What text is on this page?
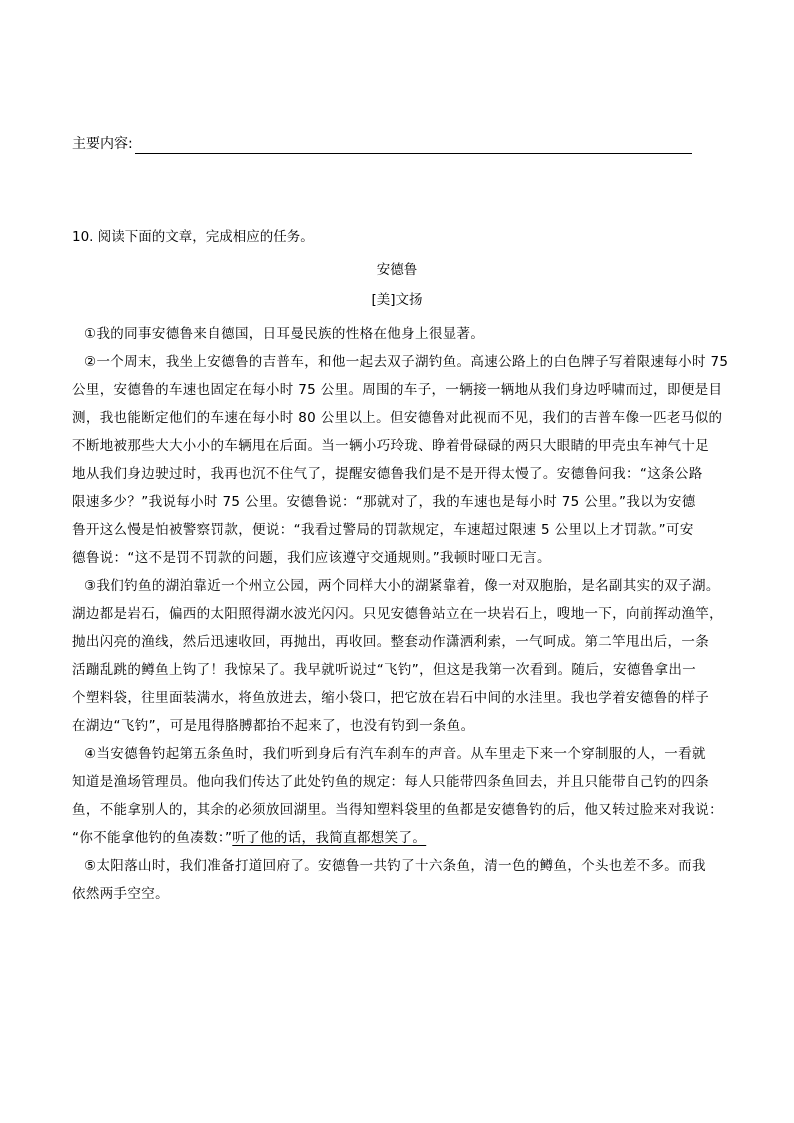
主要内容:
10. 阅读下面的文章，完成相应的任务。
安德鲁
[美]文扬
①我的同事安德鲁来自德国，日耳曼民族的性格在他身上很显著。
②一个周末，我坐上安德鲁的吉普车，和他一起去双子湖钓鱼。高速公路上的白色牌子写着限速每小时 75
公里，安德鲁的车速也固定在每小时 75 公里。周围的车子，一辆接一辆地从我们身边呼啸而过，即便是目
测，我也能断定他们的车速在每小时 80 公里以上。但安德鲁对此视而不见，我们的吉普车像一匹老马似的
不断地被那些大大小小的车辆甩在后面。当一辆小巧玲珑、睁着骨碌碌的两只大眼睛的甲壳虫车神气十足
地从我们身边驶过时，我再也沉不住气了，提醒安德鲁我们是不是开得太慢了。安德鲁问我：“这条公路
限速多少？”我说每小时 75 公里。安德鲁说：“那就对了，我的车速也是每小时 75 公里。”我以为安德
鲁开这么慢是怕被警察罚款，便说：“我看过警局的罚款规定，车速超过限速 5 公里以上才罚款。”可安
德鲁说：“这不是罚不罚款的问题，我们应该遵守交通规则。”我顿时哑口无言。
③我们钓鱼的湖泊靠近一个州立公园，两个同样大小的湖紧靠着，像一对双胞胎，是名副其实的双子湖。
湖边都是岩石，偏西的太阳照得湖水波光闪闪。只见安德鲁站立在一块岩石上，嗖地一下，向前挥动渔竿，
抛出闪亮的渔线，然后迅速收回，再抛出，再收回。整套动作潇洒利索，一气呵成。第二竿甩出后，一条
活蹦乱跳的鳟鱼上钩了！我惊呆了。我早就听说过“飞钓”，但这是我第一次看到。随后，安德鲁拿出一
个塑料袋，往里面装满水，将鱼放进去，缩小袋口，把它放在岩石中间的水洼里。我也学着安德鲁的样子
在湖边“飞钓”，可是甩得胳膊都抬不起来了，也没有钓到一条鱼。
④当安德鲁钓起第五条鱼时，我们听到身后有汽车刹车的声音。从车里走下来一个穿制服的人，一看就
知道是渔场管理员。他向我们传达了此处钓鱼的规定：每人只能带四条鱼回去，并且只能带自己钓的四条
鱼，不能拿别人的，其余的必须放回湖里。当得知塑料袋里的鱼都是安德鲁钓的后，他又转过脸来对我说：
“你不能拿他钓的鱼凑数：”听了他的话，我简直都想笑了。
⑤太阳落山时，我们准备打道回府了。安德鲁一共钓了十六条鱼，清一色的鳟鱼，个头也差不多。而我
依然两手空空。
